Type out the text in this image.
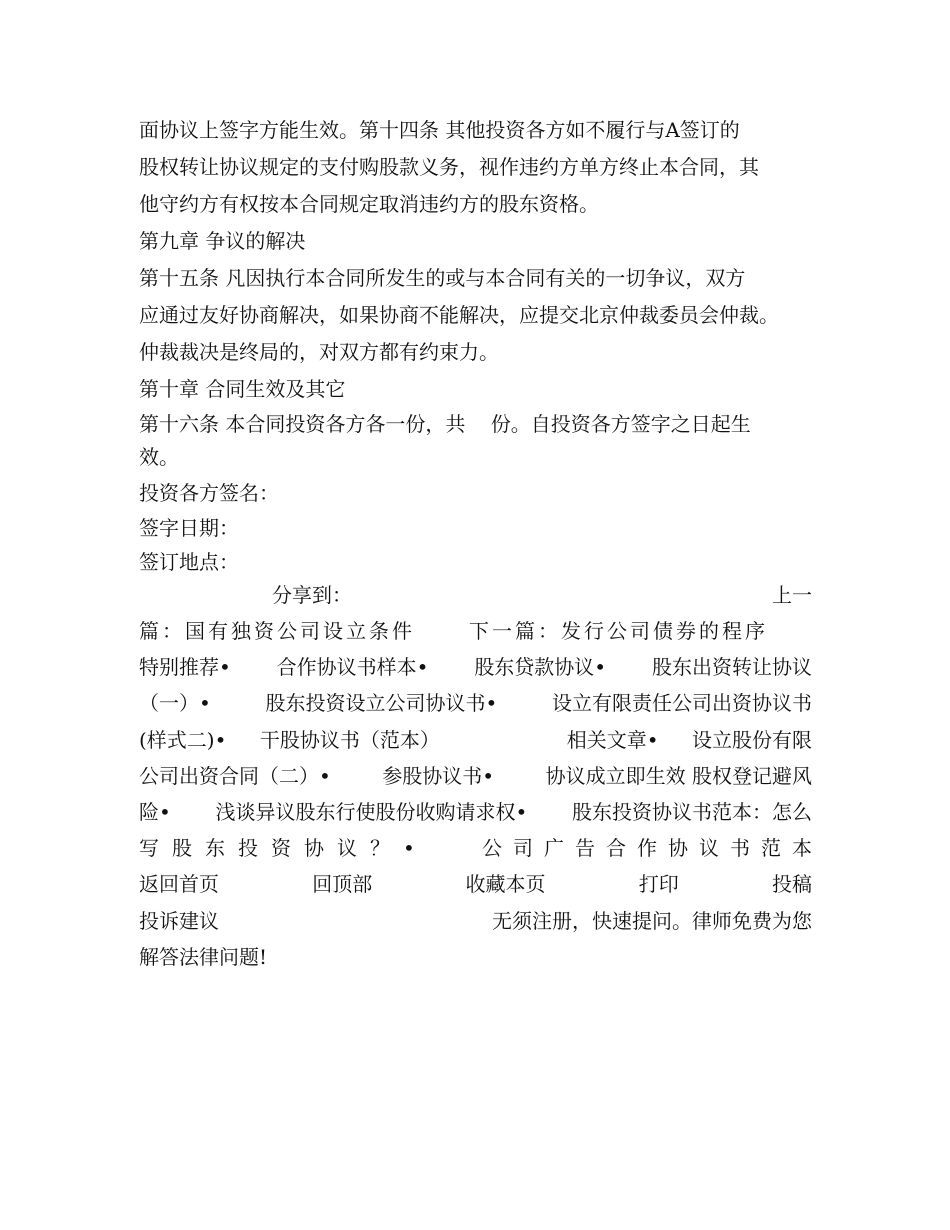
面协议上签字方能生效。第十四条 其他投资各方如不履行与A签订的
股权转让协议规定的支付购股款义务，视作违约方单方终止本合同，其
他守约方有权按本合同规定取消违约方的股东资格。
第九章 争议的解决
第十五条 凡因执行本合同所发生的或与本合同有关的一切争议，双方
应通过友好协商解决，如果协商不能解决，应提交北京仲裁委员会仲裁。
仲裁裁决是终局的，对双方都有约束力。
第十章 合同生效及其它
第十六条 本合同投资各方各一份，共    份。自投资各方签字之日起生
效。
投资各方签名：
签字日期：
签订地点：
分享到：	上一
篇：国有独资公司设立条件	下一篇：发行公司债券的程序
特别推荐• 合作协议书样本• 股东贷款协议• 股东出资转让协议
（一）•	股东投资设立公司协议书•	设立有限责任公司出资协议书
(样式二)• 干股协议书（范本）	相关文章• 设立股份有限
公司出资合同（二）•	参股协议书•	协议成立即生效 股权登记避风
险• 浅谈异议股东行使股份收购请求权• 股东投资协议书范本：怎么
写股东投资协议？•	公司广告合作协议书范本
返回首页	回顶部	收藏本页	打印	投稿
投诉建议	无须注册，快速提问。律师免费为您
解答法律问题!
